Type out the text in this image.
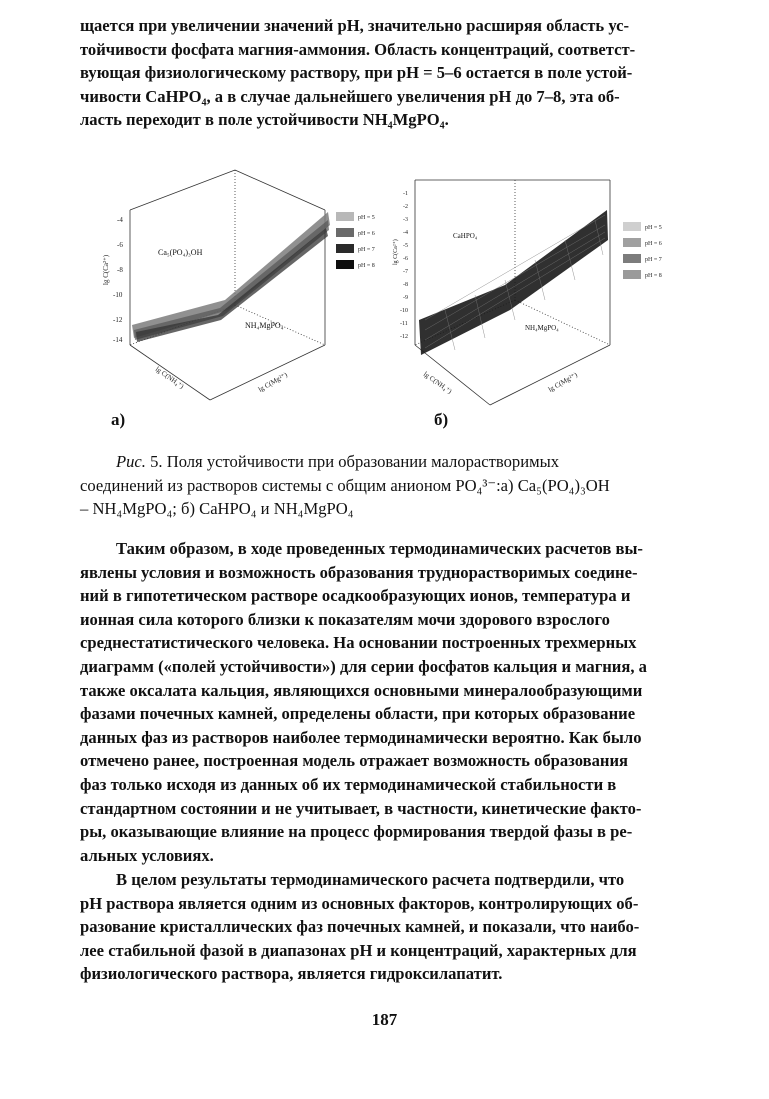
щается при увеличении значений pH, значительно расширяя область ус-
тойчивости фосфата магния-аммония. Область концентраций, соответст-
вующая физиологическому раствору, при pH = 5–6 остается в поле устой-
чивости CaHPO₄, а в случае дальнейшего увеличения pH до 7–8, эта об-
ласть переходит в поле устойчивости NH₄MgPO₄.
-4
-6
-8
-10
-12
-14
lg C(Ca²⁺)
Ca₅(PO₄)₃OH
NH₄MgPO₄
lg C(NH₄⁺)	lg C(Mg²⁺)
pH = 5
pH = 6
pH = 7
pH = 8
-1
-2
-3
-4
-5
-6
-7
-8
-9
-10
-11
-12
lg C(Ca²⁺)
CaHPO₄
NH₄MgPO₄
lg C(NH₄⁺)	lg C(Mg²⁺)
pH = 5
pH = 6
pH = 7
pH = 8
а)	б)
Рис. 5. Поля устойчивости при образовании малорастворимых
соединений из растворов системы с общим анионом PO₄³⁻:а) Ca₅(PO₄)₃OH
– NH₄MgPO₄; б) CaHPO₄ и NH₄MgPO₄
Таким образом, в ходе проведенных термодинамических расчетов вы-
явлены условия и возможность образования труднорастворимых соедине-
ний в гипотетическом растворе осадкообразующих ионов, температура и
ионная сила которого близки к показателям мочи здорового взрослого
среднестатистического человека. На основании построенных трехмерных
диаграмм («полей устойчивости») для серии фосфатов кальция и магния, а
также оксалата кальция, являющихся основными минералообразующими
фазами почечных камней, определены области, при которых образование
данных фаз из растворов наиболее термодинамически вероятно. Как было
отмечено ранее, построенная модель отражает возможность образования
фаз только исходя из данных об их термодинамической стабильности в
стандартном состоянии и не учитывает, в частности, кинетические факто-
ры, оказывающие влияние на процесс формирования твердой фазы в ре-
альных условиях.
В целом результаты термодинамического расчета подтвердили, что
pH раствора является одним из основных факторов, контролирующих об-
разование кристаллических фаз почечных камней, и показали, что наибо-
лее стабильной фазой в диапазонах pH и концентраций, характерных для
физиологического раствора, является гидроксилапатит.
187
